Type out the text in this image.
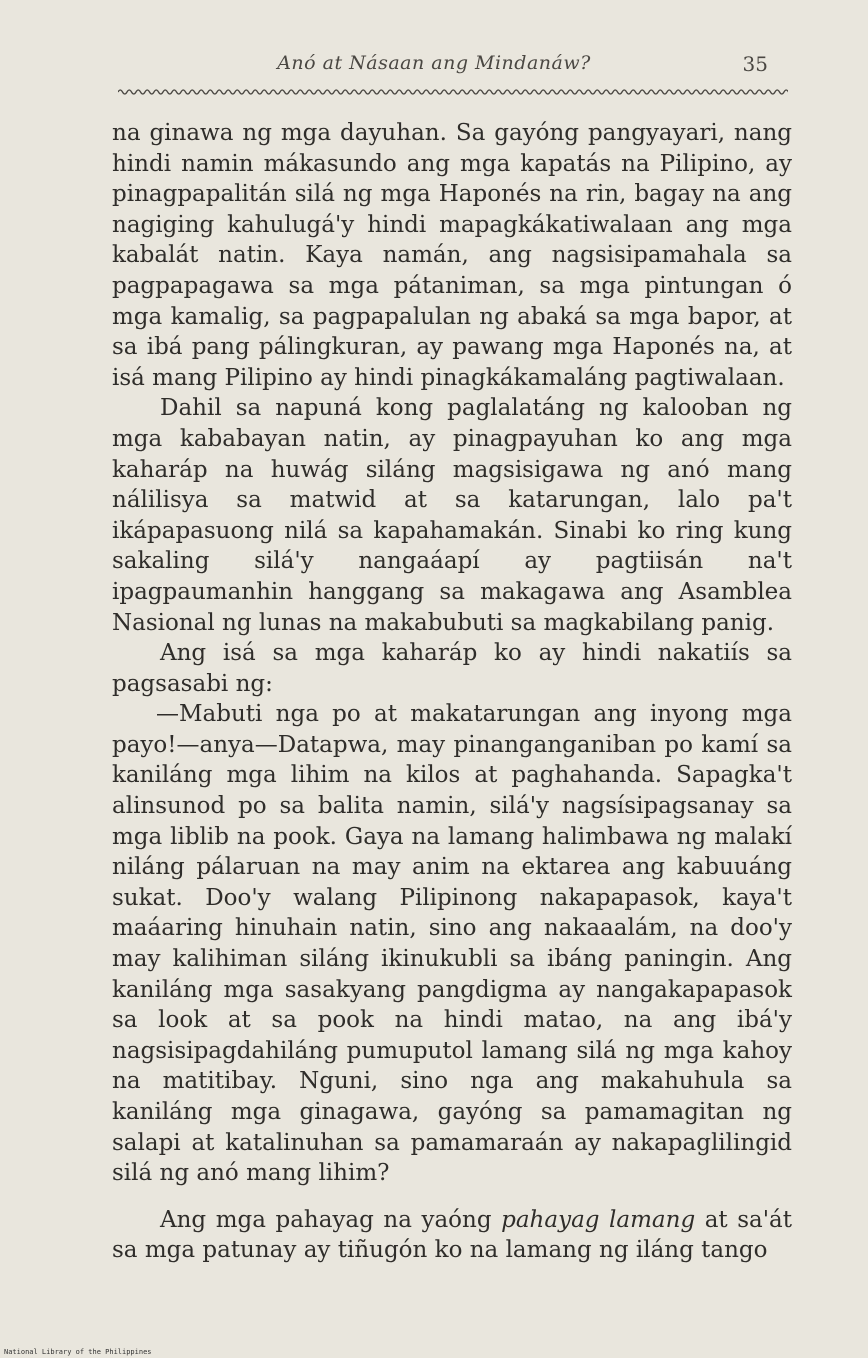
Anó at Násaan ang Mindanáw?	35

na ginawa ng mga dayuhan. Sa gayóng pangyayari, nang hindi namin mákasundo ang mga kapatás na Pilipino, ay pinagpapalitán silá ng mga Haponés na rin, bagay na ang nagiging kahulugá'y hindi mapagkákatiwalaan ang mga kabalát natin. Kaya namán, ang nagsisipamahala sa pagpapagawa sa mga pátaniman, sa mga pintungan ó mga kamalig, sa pagpapalulan ng abaká sa mga bapor, at sa ibá pang pálingkuran, ay pawang mga Haponés na, at isá mang Pilipino ay hindi pinagkákamaláng pagtiwalaan.

Dahil sa napuná kong paglalatáng ng kalooban ng mga kababayan natin, ay pinagpayuhan ko ang mga kaharáp na huwág siláng magsisigawa ng anó mang nálilisya sa matwid at sa katarungan, lalo pa't ikápapasuong nilá sa kapahamakán. Sinabi ko ring kung sakaling silá'y nangaáapí ay pagtiisán na't ipagpaumanhin hanggang sa makagawa ang Asamblea Nasional ng lunas na makabubuti sa magkabilang panig.

Ang isá sa mga kaharáp ko ay hindi nakatiís sa pagsasabi ng:

—Mabuti nga po at makatarungan ang inyong mga payo!—anya—Datapwa, may pinanganganiban po kamí sa kaniláng mga lihim na kilos at paghahanda. Sapagka't alinsunod po sa balita namin, silá'y nagsísipagsanay sa mga liblib na pook. Gaya na lamang halimbawa ng malakí niláng pálaruan na may anim na ektarea ang kabuuáng sukat. Doo'y walang Pilipinong nakapapasok, kaya't maáaring hinuhain natin, sino ang nakaaalám, na doo'y may kalihiman siláng ikinukubli sa ibáng paningin. Ang kaniláng mga sasakyang pangdigma ay nangakapapasok sa look at sa pook na hindi matao, na ang ibá'y nagsisipagdahiláng pumuputol lamang silá ng mga kahoy na matitibay. Nguni, sino nga ang makahuhula sa kaniláng mga ginagawa, gayóng sa pamamagitan ng salapi at katalinuhan sa pamamaraán ay nakapaglilingid silá ng anó mang lihim?

Ang mga pahayag na yaóng pahayag lamang at sa'át sa mga patunay ay tiñugón ko na lamang ng iláng tango

National Library of the Philippines
